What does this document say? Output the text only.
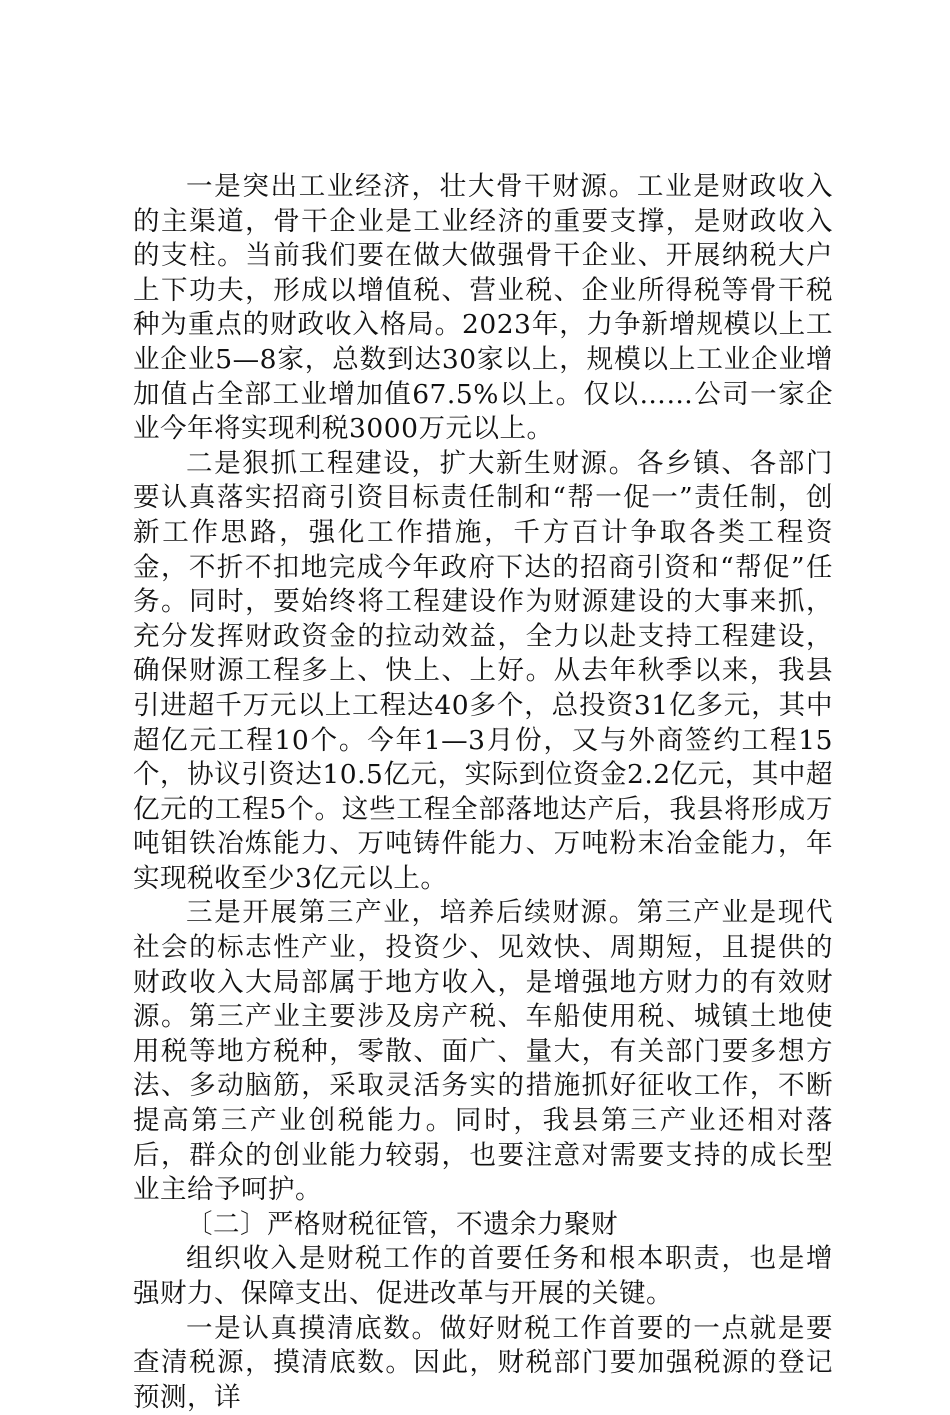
一是突出工业经济，壮大骨干财源。工业是财政收入的主渠道，骨干企业是工业经济的重要支撑，是财政收入的支柱。当前我们要在做大做强骨干企业、开展纳税大户上下功夫，形成以增值税、营业税、企业所得税等骨干税种为重点的财政收入格局。2023年，力争新增规模以上工业企业5—8家，总数到达30家以上，规模以上工业企业增加值占全部工业增加值67.5%以上。仅以……公司一家企业今年将实现利税3000万元以上。

二是狠抓工程建设，扩大新生财源。各乡镇、各部门要认真落实招商引资目标责任制和“帮一促一”责任制，创新工作思路，强化工作措施，千方百计争取各类工程资金，不折不扣地完成今年政府下达的招商引资和“帮促”任务。同时，要始终将工程建设作为财源建设的大事来抓，充分发挥财政资金的拉动效益，全力以赴支持工程建设，确保财源工程多上、快上、上好。从去年秋季以来，我县引进超千万元以上工程达40多个，总投资31亿多元，其中超亿元工程10个。今年1—3月份，又与外商签约工程15个，协议引资达10.5亿元，实际到位资金2.2亿元，其中超亿元的工程5个。这些工程全部落地达产后，我县将形成万吨钼铁冶炼能力、万吨铸件能力、万吨粉末冶金能力，年实现税收至少3亿元以上。

三是开展第三产业，培养后续财源。第三产业是现代社会的标志性产业，投资少、见效快、周期短，且提供的财政收入大局部属于地方收入，是增强地方财力的有效财源。第三产业主要涉及房产税、车船使用税、城镇土地使用税等地方税种，零散、面广、量大，有关部门要多想方法、多动脑筋，采取灵活务实的措施抓好征收工作，不断提高第三产业创税能力。同时，我县第三产业还相对落后，群众的创业能力较弱，也要注意对需要支持的成长型业主给予呵护。

〔二〕严格财税征管，不遗余力聚财

组织收入是财税工作的首要任务和根本职责，也是增强财力、保障支出、促进改革与开展的关键。

一是认真摸清底数。做好财税工作首要的一点就是要查清税源，摸清底数。因此，财税部门要加强税源的登记预测，详
